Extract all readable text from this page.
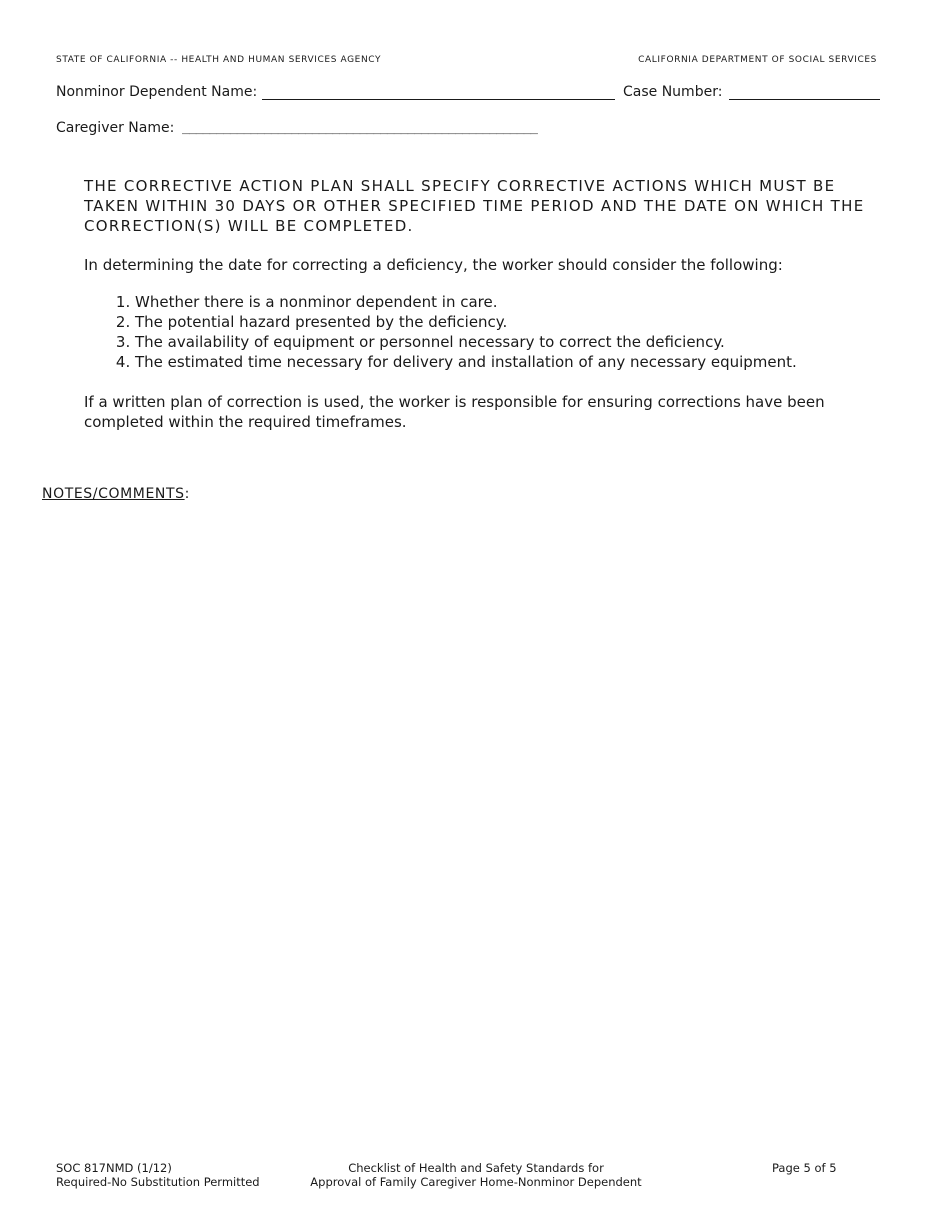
STATE OF CALIFORNIA -- HEALTH AND HUMAN SERVICES AGENCY	CALIFORNIA DEPARTMENT OF SOCIAL SERVICES
Nonminor Dependent Name:	Case Number:
Caregiver Name: ____________________________________________________
THE CORRECTIVE ACTION PLAN SHALL SPECIFY CORRECTIVE ACTIONS WHICH MUST BE TAKEN WITHIN 30 DAYS OR OTHER SPECIFIED TIME PERIOD AND THE DATE ON WHICH THE CORRECTION(S) WILL BE COMPLETED.
In determining the date for correcting a deficiency, the worker should consider the following:
1. Whether there is a nonminor dependent in care.
2. The potential hazard presented by the deficiency.
3. The availability of equipment or personnel necessary to correct the deficiency.
4. The estimated time necessary for delivery and installation of any necessary equipment.
If a written plan of correction is used, the worker is responsible for ensuring corrections have been completed within the required timeframes.
NOTES/COMMENTS:
SOC 817NMD (1/12)
Required-No Substitution Permitted
Checklist of Health and Safety Standards for
Approval of Family Caregiver Home-Nonminor Dependent
Page 5 of 5
